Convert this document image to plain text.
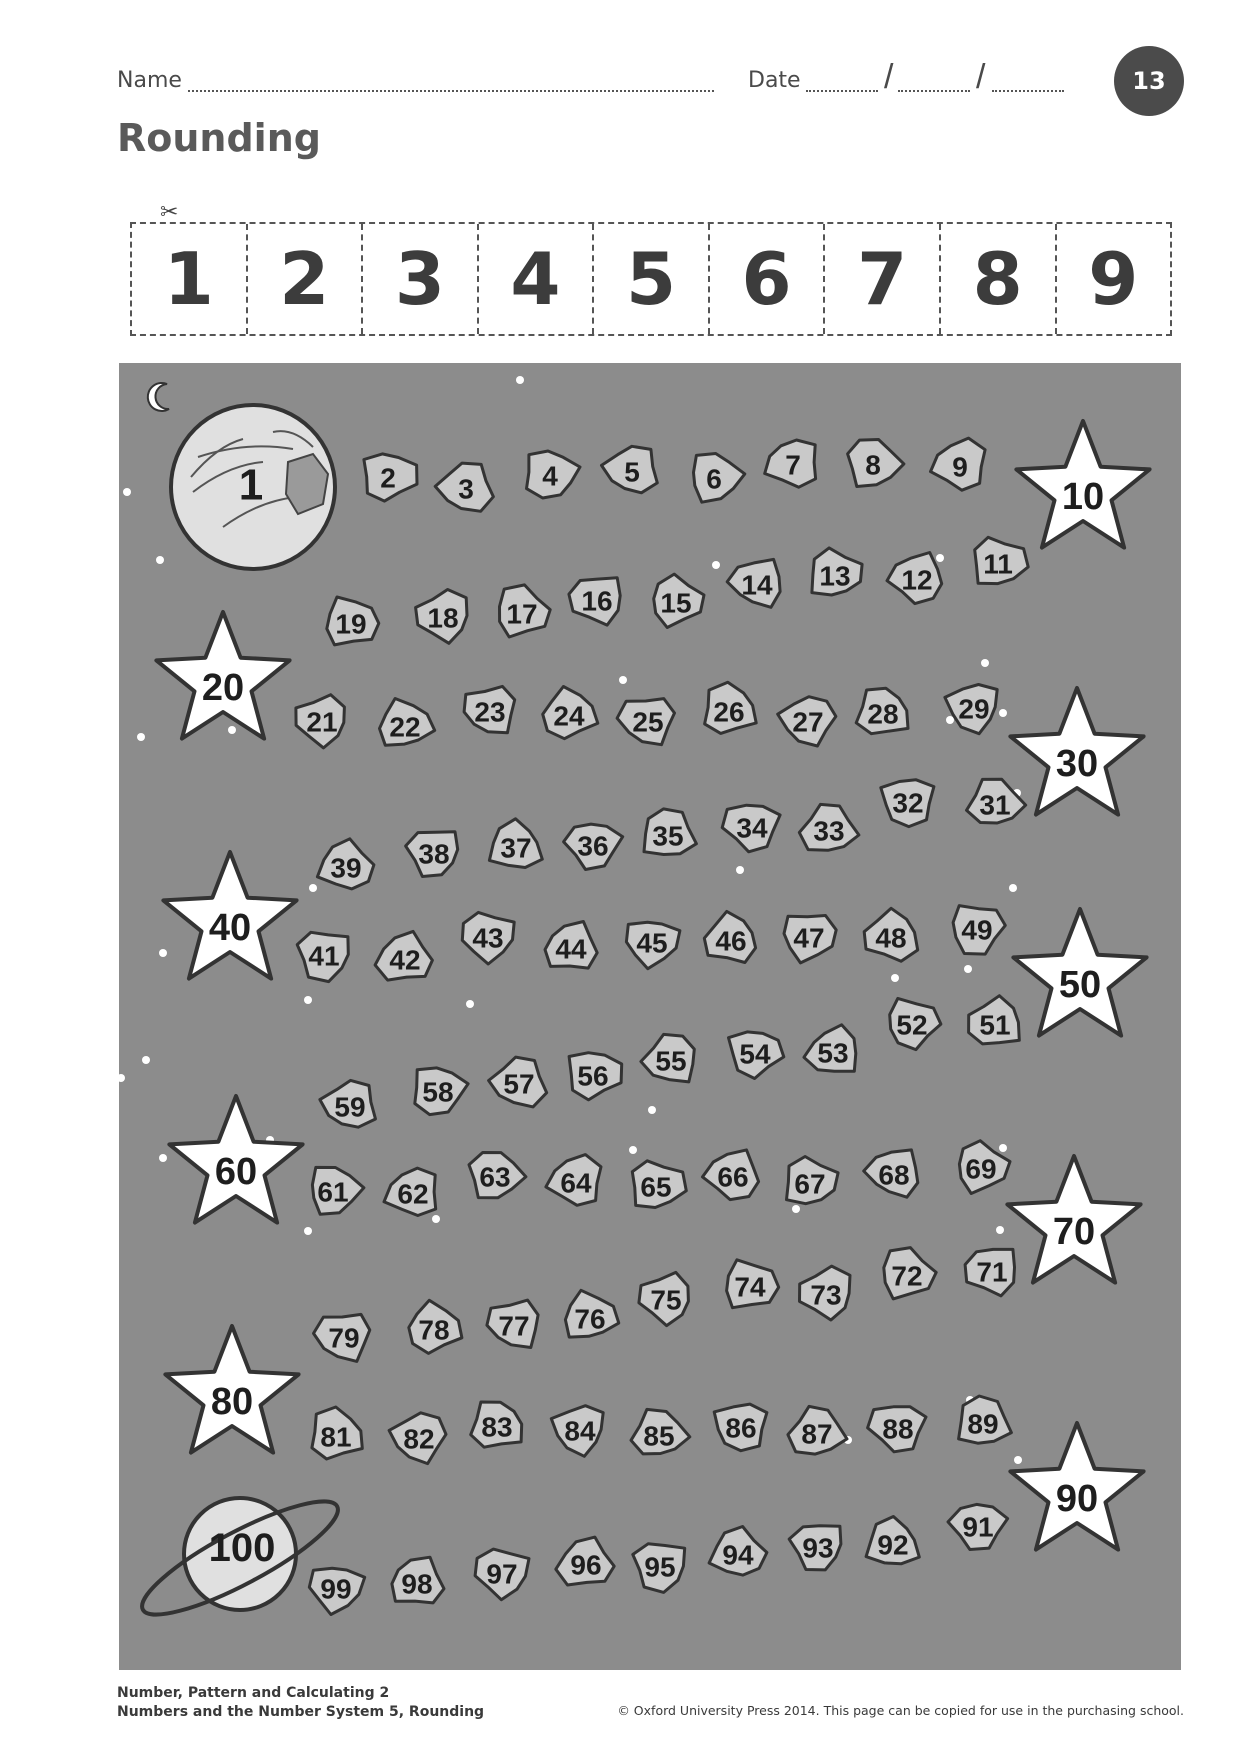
Name	Date / /	13
Rounding
✂
1 2 3 4 5 6 7 8 9
2 3 4 5 6 7 8	9
11
12
13
14
15
16
17
18
19
21 22 23 24 25 26 27 28 29
31
32
33
34
35
36
37
38
39
41 42
43 44 45 46 47 48 49
51
52
53
54
55
56
57
58
59
61 62
63 64 65 66 67 68 69
71
72
73
74
75
76
77
78
79
81 82 83 84 85 86 87 88 89
91
92
93
94
95
96
97
98
99
10
20
30
40
50
60
70
80
90
1
100
Number, Pattern and Calculating 2
Numbers and the Number System 5, Rounding	© Oxford University Press 2014. This page can be copied for use in the purchasing school.
